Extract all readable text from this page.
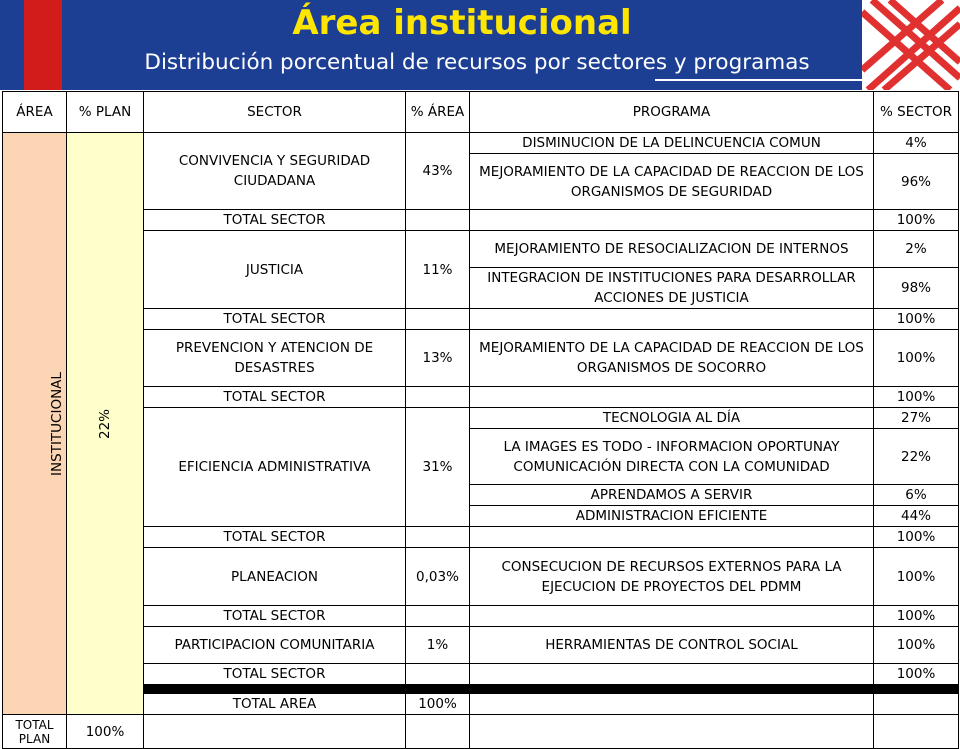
Área institucional
Distribución porcentual de recursos por sectores y programas
ÁREA	% PLAN	SECTOR	% ÁREA	PROGRAMA	% SECTOR
INSTITUCIONAL	22%	CONVIVENCIA Y SEGURIDAD CIUDADANA	43%	DISMINUCION DE LA DELINCUENCIA COMUN	4%
				MEJORAMIENTO DE LA CAPACIDAD DE REACCION DE LOS ORGANISMOS DE SEGURIDAD	96%
		TOTAL SECTOR			100%
		JUSTICIA	11%	MEJORAMIENTO DE RESOCIALIZACION DE INTERNOS	2%
				INTEGRACION DE INSTITUCIONES PARA DESARROLLAR ACCIONES DE JUSTICIA	98%
		TOTAL SECTOR			100%
		PREVENCION Y ATENCION DE DESASTRES	13%	MEJORAMIENTO DE LA CAPACIDAD DE REACCION DE LOS ORGANISMOS DE SOCORRO	100%
		TOTAL SECTOR			100%
		EFICIENCIA ADMINISTRATIVA	31%	TECNOLOGIA AL DÍA	27%
				LA IMAGES ES TODO - INFORMACION OPORTUNAY COMUNICACIÓN DIRECTA CON LA COMUNIDAD	22%
				APRENDAMOS A SERVIR	6%
				ADMINISTRACION EFICIENTE	44%
		TOTAL SECTOR			100%
		PLANEACION	0,03%	CONSECUCION DE RECURSOS EXTERNOS PARA LA EJECUCION DE PROYECTOS DEL PDMM	100%
		TOTAL SECTOR			100%
		PARTICIPACION COMUNITARIA	1%	HERRAMIENTAS DE CONTROL SOCIAL	100%
		TOTAL SECTOR			100%

		TOTAL AREA	100%		
TOTAL PLAN	100%				
